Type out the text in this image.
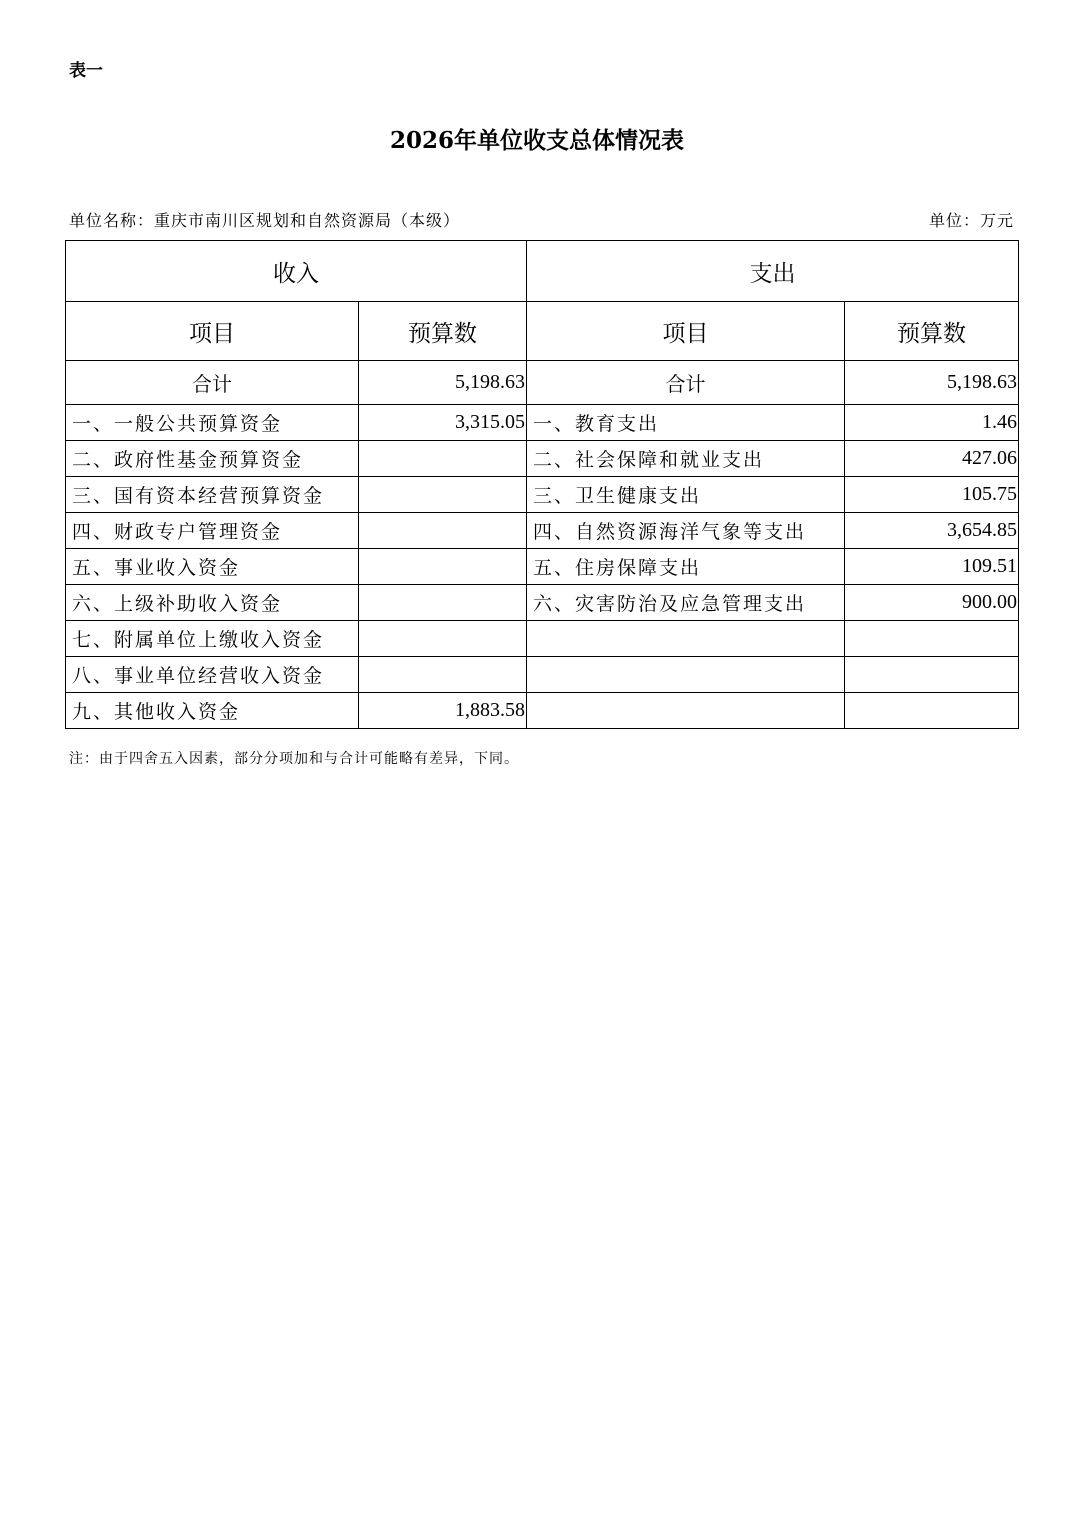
表一
2026年单位收支总体情况表
单位名称：重庆市南川区规划和自然资源局（本级）	单位：万元
收入		支出	
项目	预算数	项目	预算数
合计	5,198.63	合计	5,198.63
一、一般公共预算资金	3,315.05	一、教育支出	1.46
二、政府性基金预算资金		二、社会保障和就业支出	427.06
三、国有资本经营预算资金		三、卫生健康支出	105.75
四、财政专户管理资金		四、自然资源海洋气象等支出	3,654.85
五、事业收入资金		五、住房保障支出	109.51
六、上级补助收入资金		六、灾害防治及应急管理支出	900.00
七、附属单位上缴收入资金			
八、事业单位经营收入资金			
九、其他收入资金	1,883.58		
注：由于四舍五入因素，部分分项加和与合计可能略有差异，下同。
